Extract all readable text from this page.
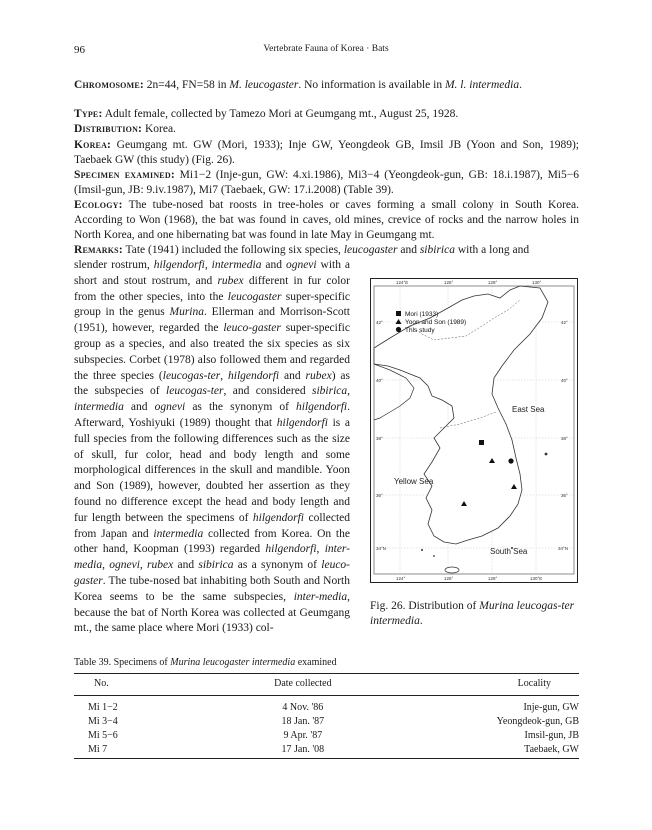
96	Vertebrate Fauna of Korea · Bats

Chromosome: 2n=44, FN=58 in M. leucogaster. No information is available in M. l. intermedia.

Type: Adult female, collected by Tamezo Mori at Geumgang mt., August 25, 1928.

Distribution: Korea.

Korea: Geumgang mt. GW (Mori, 1933); Inje GW, Yeongdeok GB, Imsil JB (Yoon and Son, 1989); Taebaek GW (this study) (Fig. 26).

Specimen examined: Mi1−2 (Inje-gun, GW: 4.xi.1986), Mi3−4 (Yeongdeok-gun, GB: 18.i.1987), Mi5−6 (Imsil-gun, JB: 9.iv.1987), Mi7 (Taebaek, GW: 17.i.2008) (Table 39).

Ecology: The tube-nosed bat roosts in tree-holes or caves forming a small colony in South Korea. According to Won (1968), the bat was found in caves, old mines, crevice of rocks and the narrow holes in North Korea, and one hibernating bat was found in late May in Geumgang mt.

Remarks: Tate (1941) included the following six species, leucogaster and sibirica with a long and

slender rostrum, hilgendorfi, intermedia and ognevi with a short and stout rostrum, and rubex different in fur color from the other species, into the leucogaster super-specific group in the genus Murina. Ellerman and Morrison-Scott (1951), however, regarded the leuco-gaster super-specific group as a species, and also treated the six species as six subspecies. Corbet (1978) also followed them and regarded the three species (leucogas-ter, hilgendorfi and rubex) as the subspecies of leucogas-ter, and considered sibirica, intermedia and ognevi as the synonym of hilgendorfi. Afterward, Yoshiyuki (1989) thought that hilgendorfi is a full species from the following differences such as the size of skull, fur color, head and body length and some morphological differences in the skull and mandible. Yoon and Son (1989), however, doubted her assertion as they found no difference except the head and body length and fur length between the specimens of hilgendorfi collected from Japan and intermedia collected from Korea. On the other hand, Koopman (1993) regarded hilgendorfi, inter-media, ognevi, rubex and sibirica as a synonym of leuco-gaster. The tube-nosed bat inhabiting both South and North Korea seems to be the same subspecies, inter-media, because the bat of North Korea was collected at Geumgang mt., the same place where Mori (1933) col-

124°E	126°	128°	130°
124°	126°	128°	130°E
42°
40°
38°
36°
34°N
42°
40°
38°
36°
34°N
Mori (1933)
Yoon and Son (1989)
This study
East Sea
Yellow Sea
South Sea
Fig. 26. Distribution of Murina leucogas-ter intermedia.
Table 39. Specimens of Murina leucogaster intermedia examined
No.	Date collected	Locality
Mi 1−2	4 Nov. '86	Inje-gun, GW
Mi 3−4	18 Jan. '87	Yeongdeok-gun, GB
Mi 5−6	9 Apr. '87	Imsil-gun, JB
Mi 7	17 Jan. '08	Taebaek, GW
